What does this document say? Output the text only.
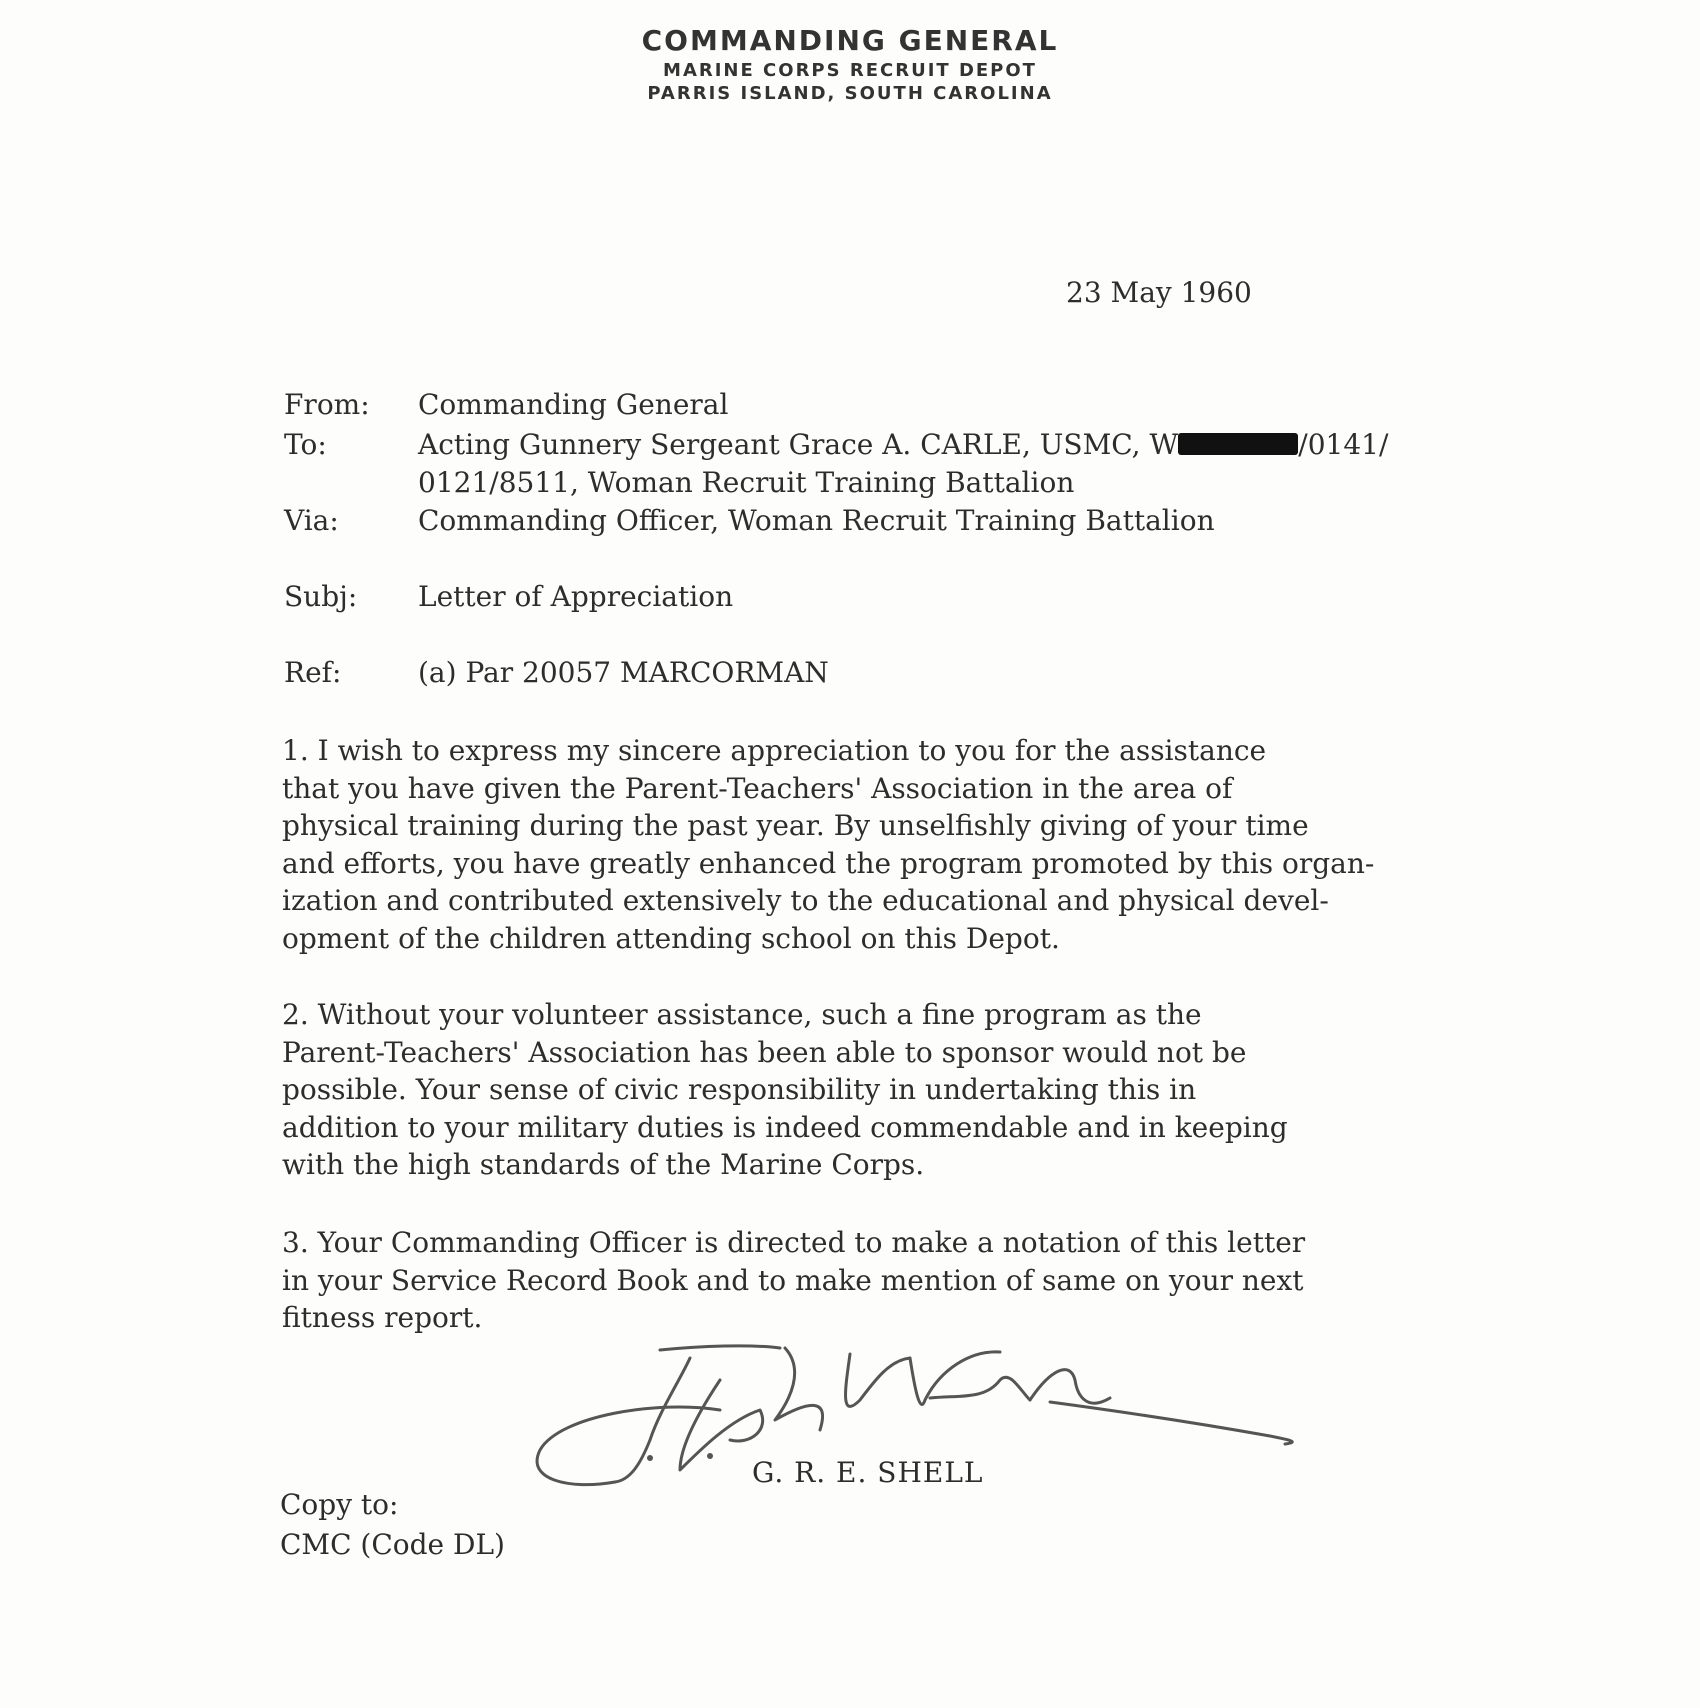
COMMANDING GENERAL
MARINE CORPS RECRUIT DEPOT
PARRIS ISLAND, SOUTH CAROLINA
23 May 1960
From: Commanding General
To:	Acting Gunnery Sergeant Grace A. CARLE, USMC, W	/0141/
0121/8511, Woman Recruit Training Battalion
Via:	Commanding Officer, Woman Recruit Training Battalion
Subj: Letter of Appreciation
Ref:	(a) Par 20057 MARCORMAN
1. I wish to express my sincere appreciation to you for the assistance
that you have given the Parent-Teachers' Association in the area of
physical training during the past year. By unselfishly giving of your time
and efforts, you have greatly enhanced the program promoted by this organ-
ization and contributed extensively to the educational and physical devel-
opment of the children attending school on this Depot.
2. Without your volunteer assistance, such a fine program as the
Parent-Teachers' Association has been able to sponsor would not be
possible. Your sense of civic responsibility in undertaking this in
addition to your military duties is indeed commendable and in keeping
with the high standards of the Marine Corps.
3. Your Commanding Officer is directed to make a notation of this letter
in your Service Record Book and to make mention of same on your next
fitness report.
G. R. E. SHELL
Copy to:
CMC (Code DL)
